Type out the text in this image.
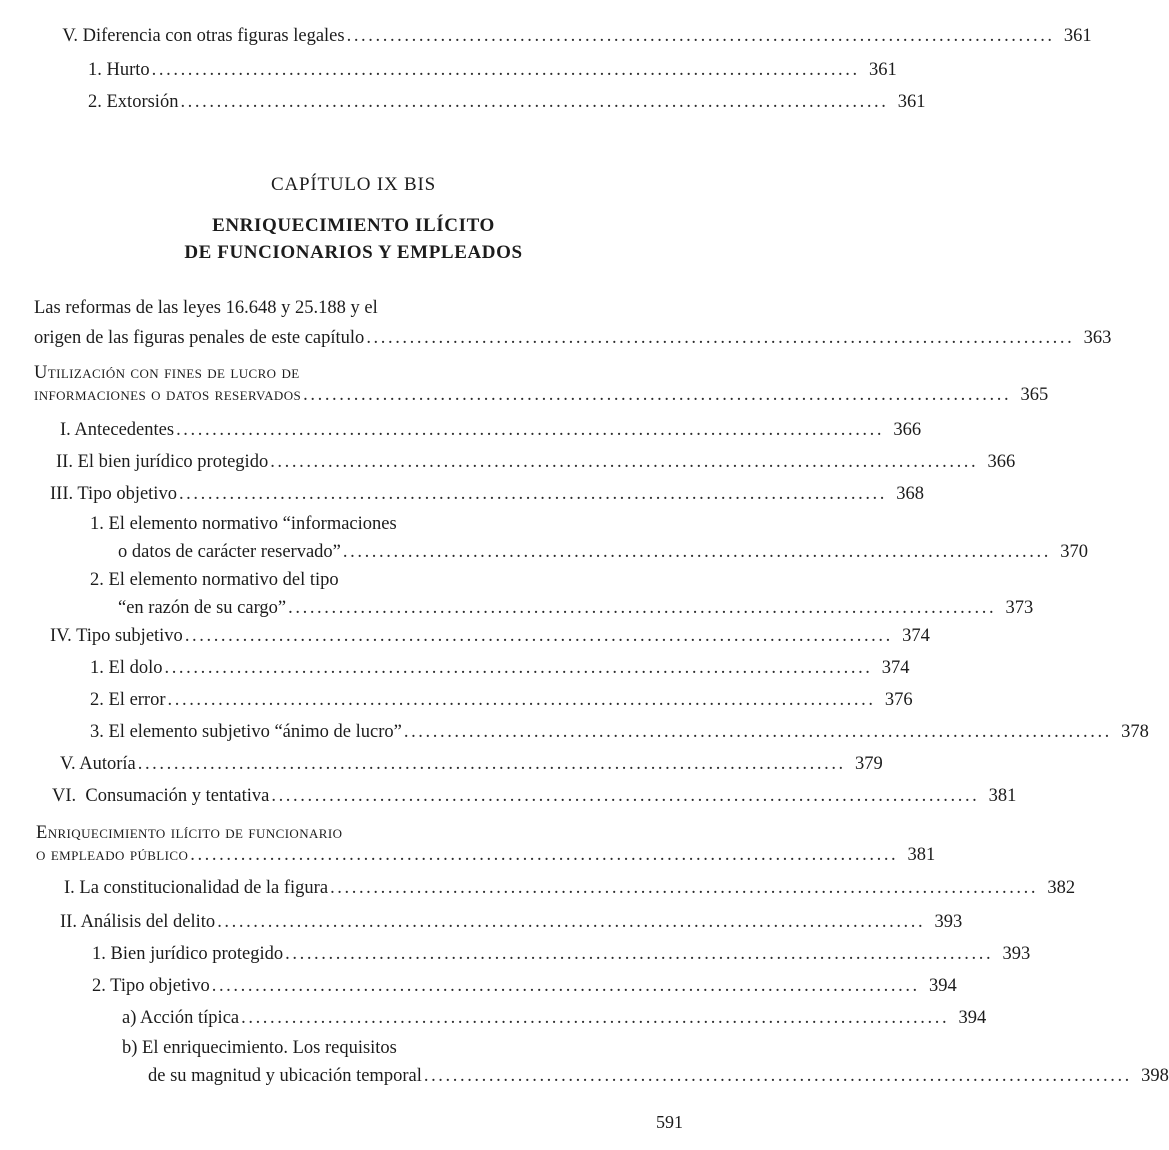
V. Diferencia con otras figuras legales .................................................................................................. 361
1. Hurto .................................................................................................. 361
2. Extorsión .................................................................................................. 361
CAPÍTULO IX BIS
ENRIQUECIMIENTO ILÍCITO
DE FUNCIONARIOS Y EMPLEADOS
Las reformas de las leyes 16.648 y 25.188 y el
origen de las figuras penales de este capítulo .................................................................................................. 363
Utilización con fines de lucro de
informaciones o datos reservados .................................................................................................. 365
I. Antecedentes .................................................................................................. 366
II. El bien jurídico protegido .................................................................................................. 366
III. Tipo objetivo .................................................................................................. 368
1. El elemento normativo “informaciones
o datos de carácter reservado” .................................................................................................. 370
2. El elemento normativo del tipo
“en razón de su cargo” .................................................................................................. 373
IV. Tipo subjetivo .................................................................................................. 374
1. El dolo .................................................................................................. 374
2. El error .................................................................................................. 376
3. El elemento subjetivo “ánimo de lucro” .................................................................................................. 378
V. Autoría .................................................................................................. 379
VI. Consumación y tentativa .................................................................................................. 381
Enriquecimiento ilícito de funcionario
o empleado público .................................................................................................. 381
I. La constitucionalidad de la figura .................................................................................................. 382
II. Análisis del delito .................................................................................................. 393
1. Bien jurídico protegido .................................................................................................. 393
2. Tipo objetivo .................................................................................................. 394
a) Acción típica .................................................................................................. 394
b) El enriquecimiento. Los requisitos
de su magnitud y ubicación temporal .................................................................................................. 398
591
